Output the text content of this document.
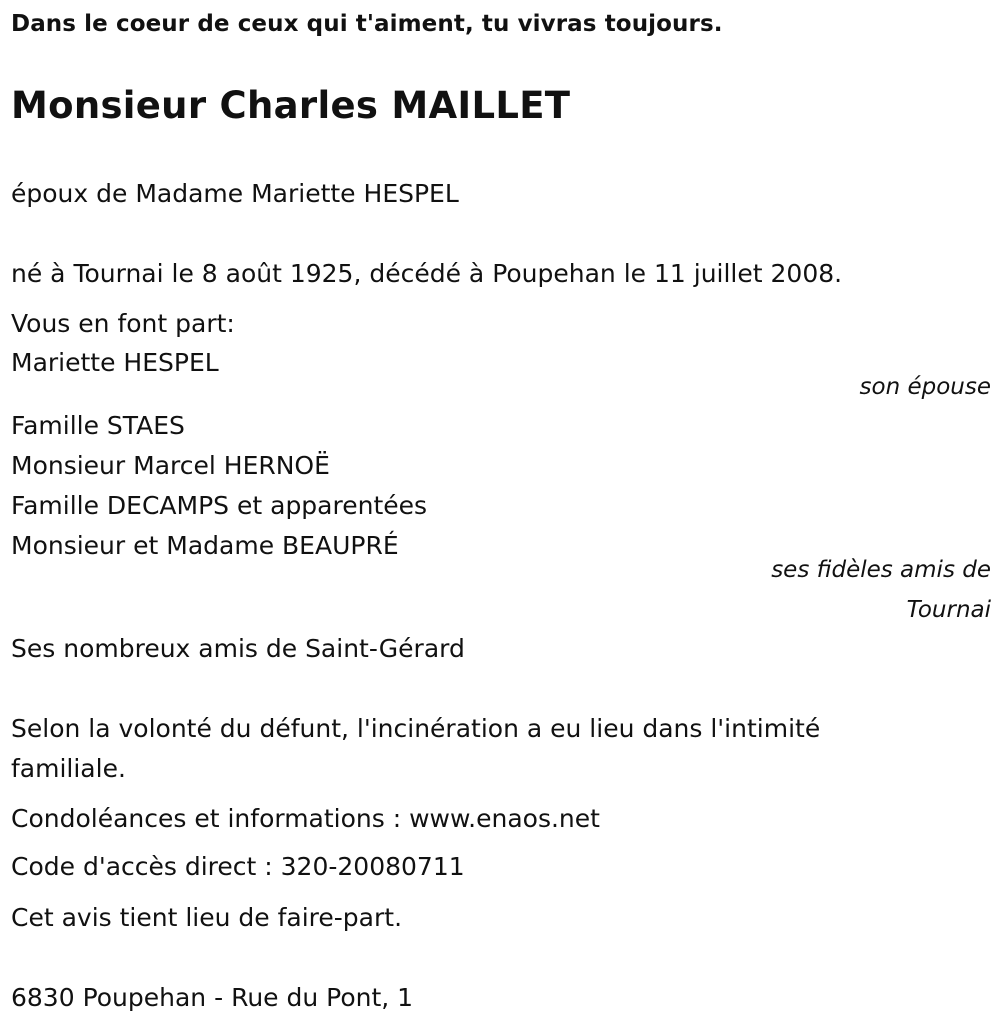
Dans le coeur de ceux qui t'aiment, tu vivras toujours.
Monsieur Charles MAILLET
époux de Madame Mariette HESPEL
né à Tournai le 8 août 1925, décédé à Poupehan le 11 juillet 2008.
Vous en font part:
Mariette HESPEL
son épouse
Famille STAES
Monsieur Marcel HERNOË
Famille DECAMPS et apparentées
Monsieur et Madame BEAUPRÉ
ses fidèles amis de
Tournai
Ses nombreux amis de Saint-Gérard
Selon la volonté du défunt, l'incinération a eu lieu dans l'intimité familiale.
Condoléances et informations : www.enaos.net
Code d'accès direct : 320-20080711
Cet avis tient lieu de faire-part.
6830 Poupehan - Rue du Pont, 1
